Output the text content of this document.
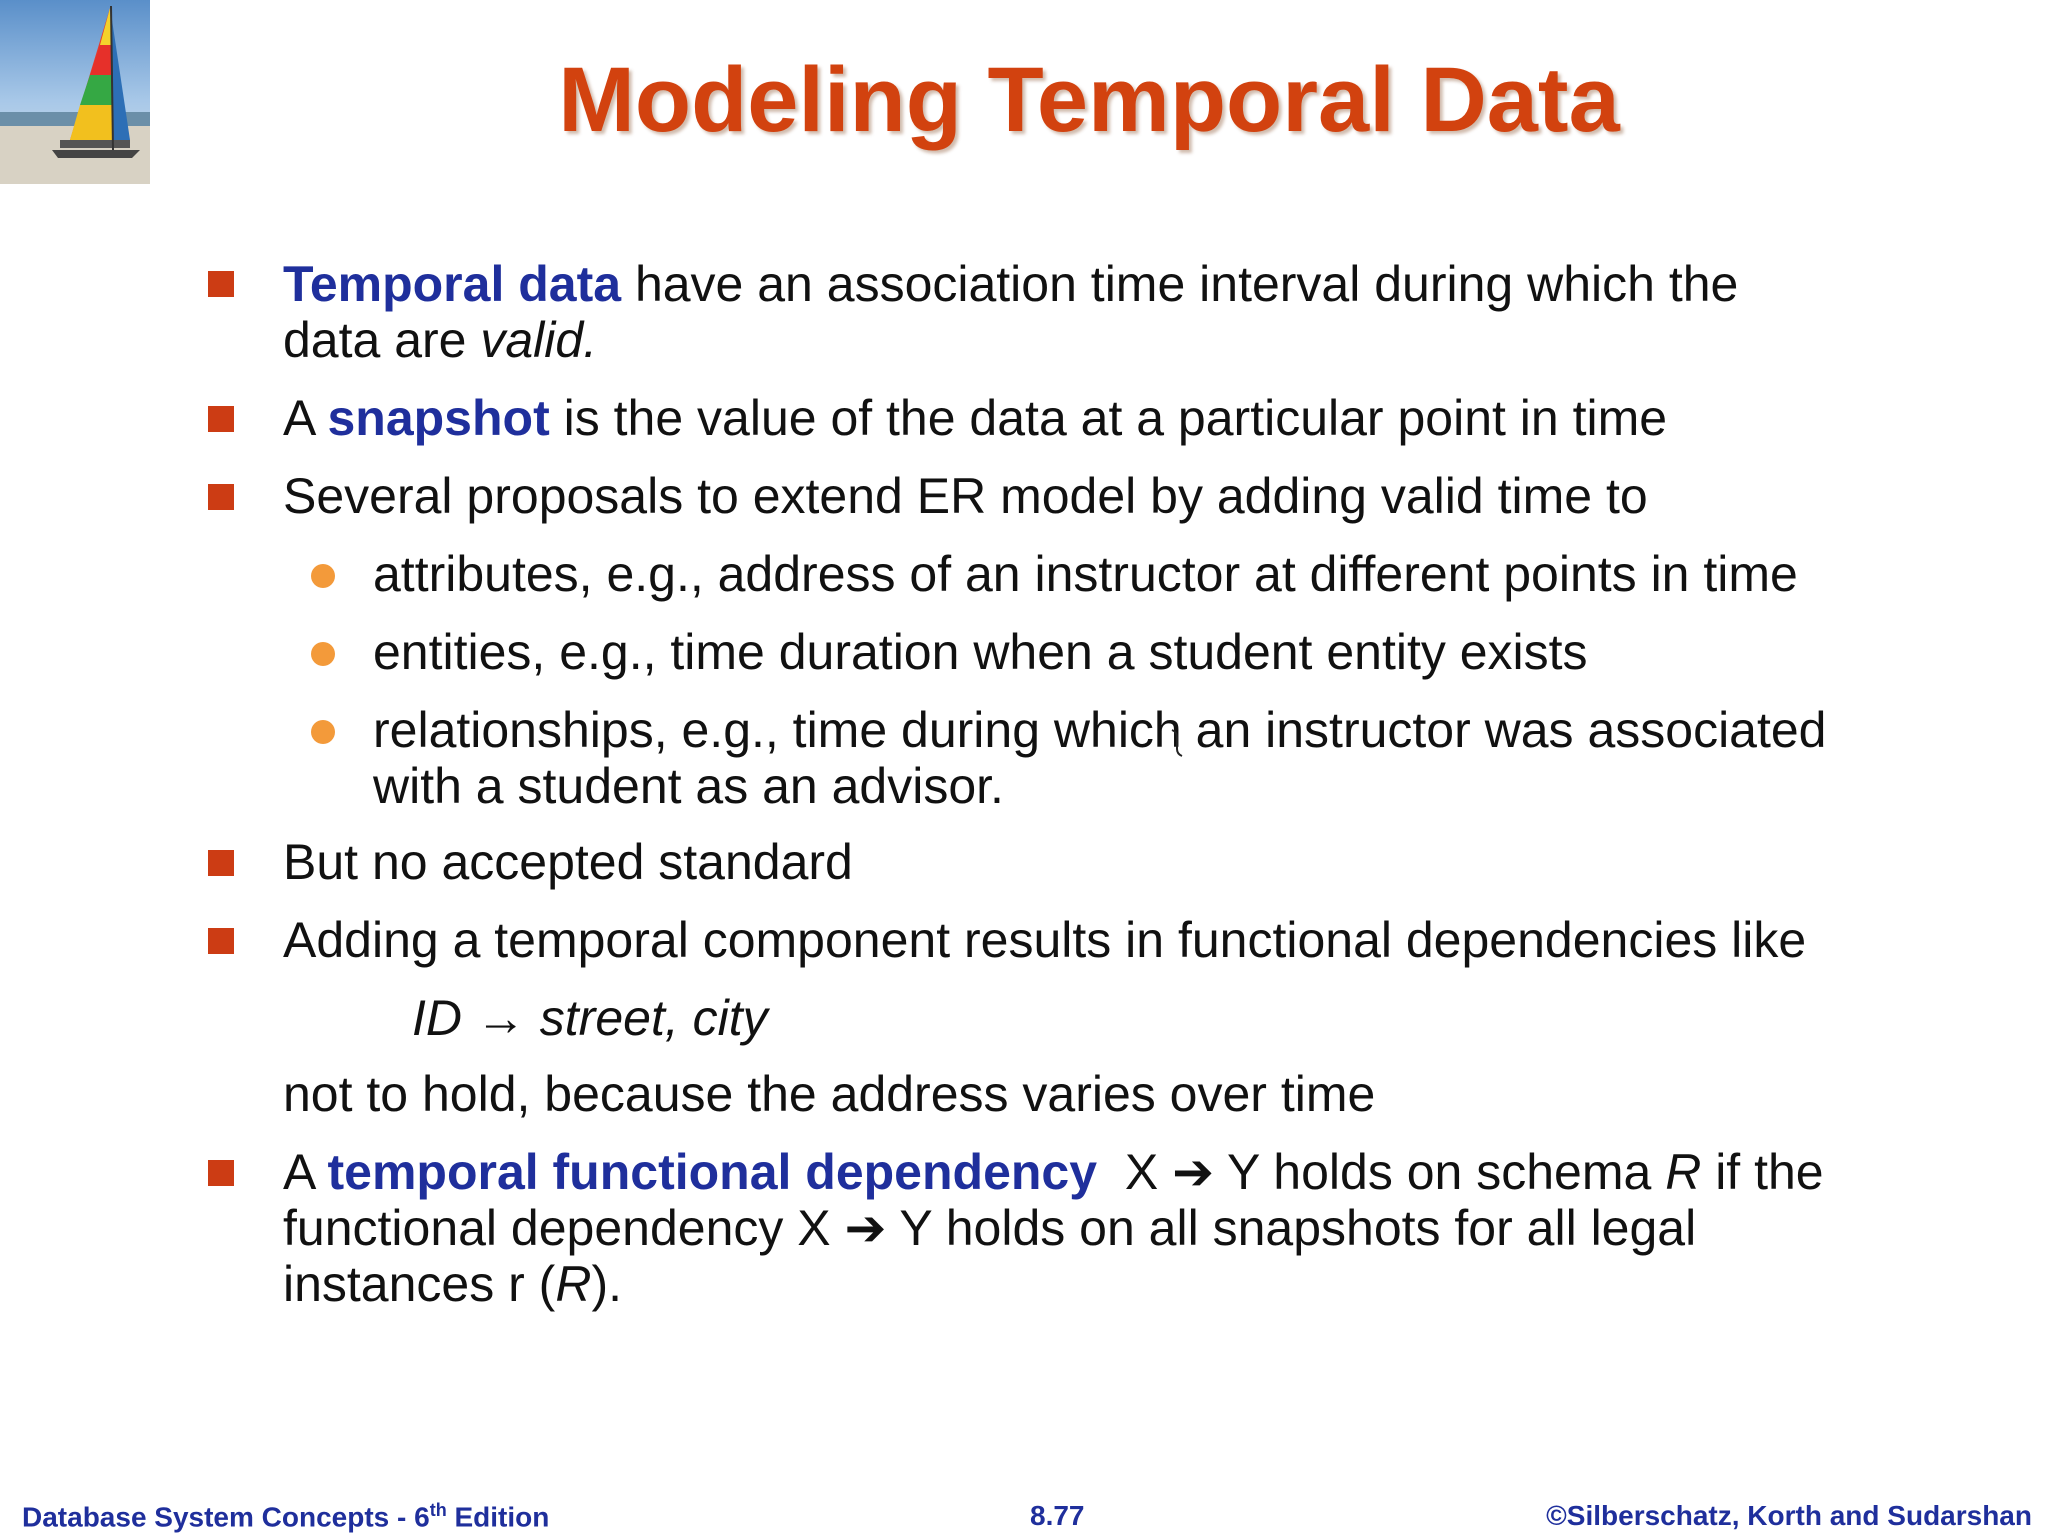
Modeling Temporal Data
Temporal data have an association time interval during which the
data are valid.
A snapshot is the value of the data at a particular point in time
Several proposals to extend ER model by adding valid time to
attributes, e.g., address of an instructor at different points in time
entities, e.g., time duration when a student entity exists
relationships, e.g., time during which an instructor was associated
with a student as an advisor.
But no accepted standard
Adding a temporal component results in functional dependencies like
ID → street, city
not to hold, because the address varies over time
A temporal functional dependency  X ➔ Y holds on schema R if the
functional dependency X ➔ Y holds on all snapshots for all legal
instances r (R).
Database System Concepts - 6th Edition	8.77	©Silberschatz, Korth and Sudarshan
